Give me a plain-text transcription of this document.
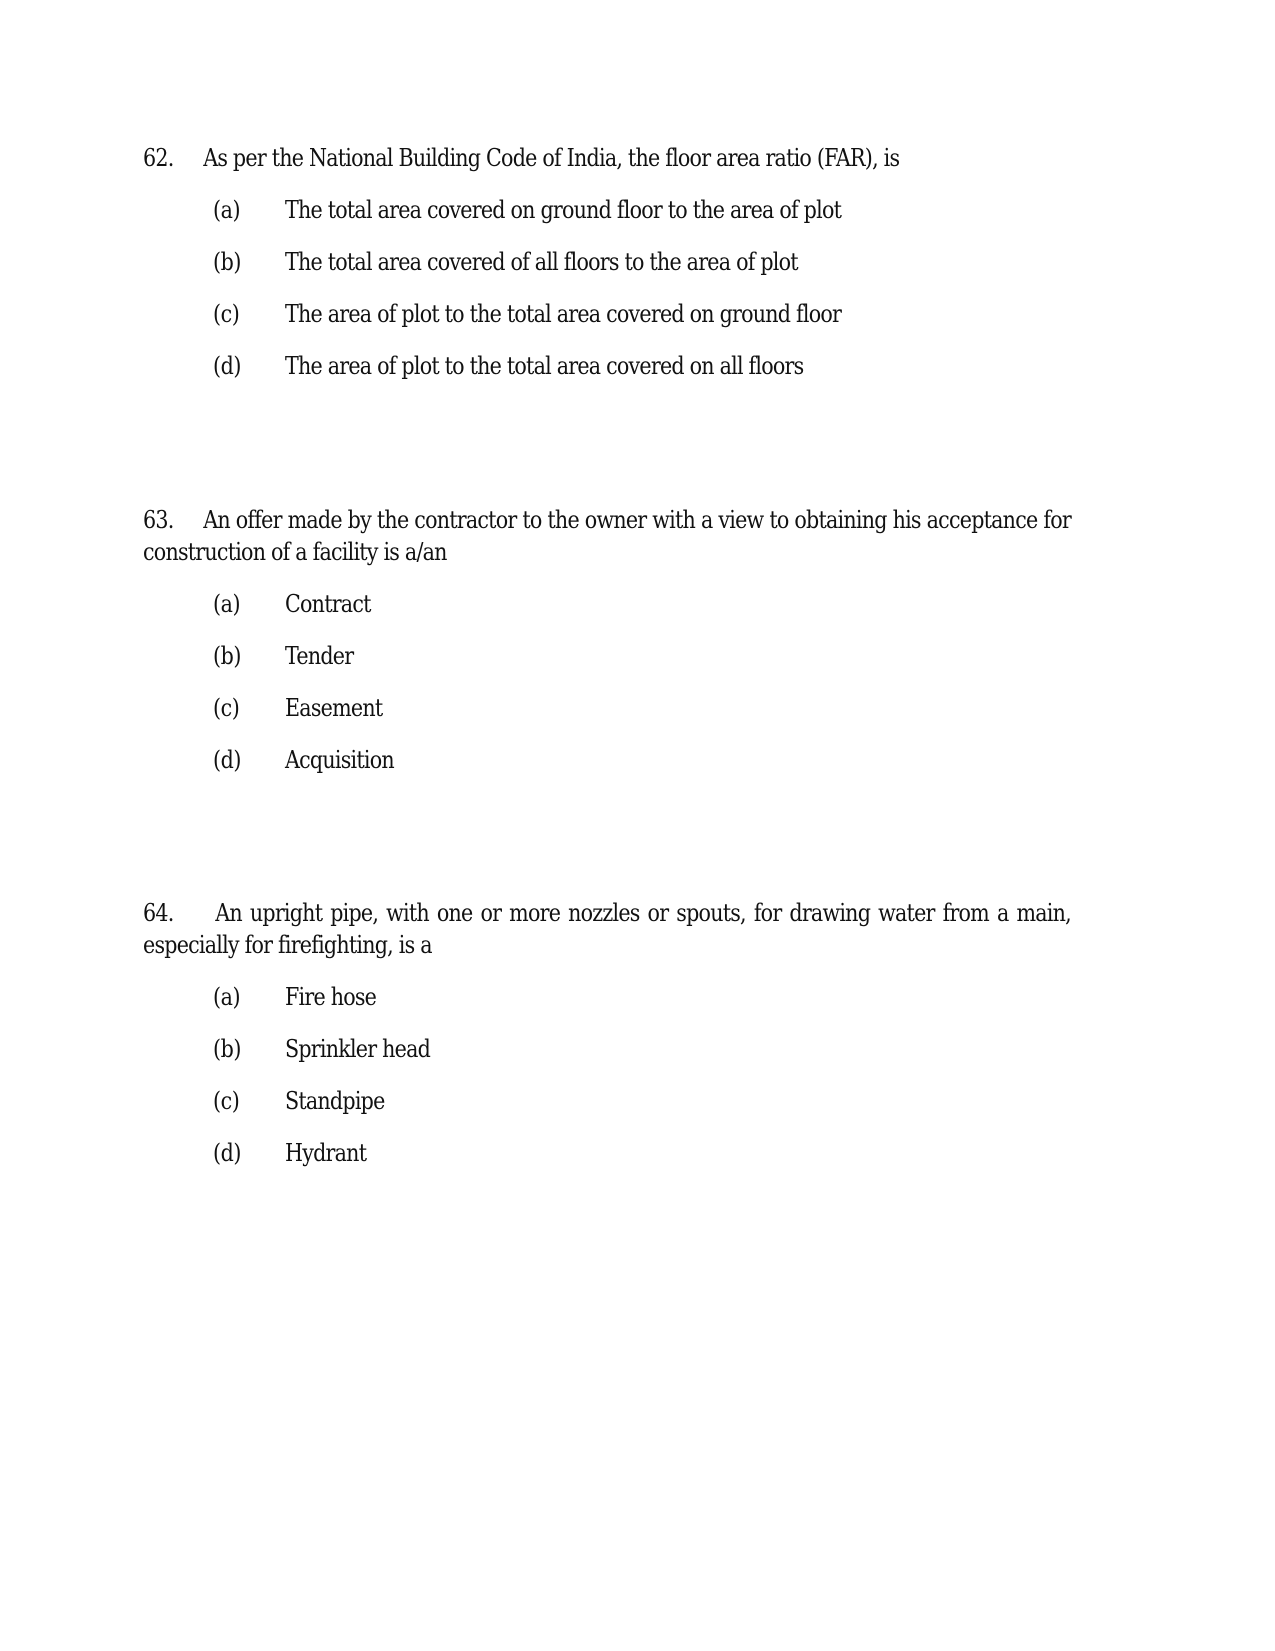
62. As per the National Building Code of India, the floor area ratio (FAR), is
(a) The total area covered on ground floor to the area of plot
(b) The total area covered of all floors to the area of plot
(c) The area of plot to the total area covered on ground floor
(d) The area of plot to the total area covered on all floors
63. An offer made by the contractor to the owner with a view to obtaining his acceptance for construction of a facility is a/an
(a) Contract
(b) Tender
(c) Easement
(d) Acquisition
64. An upright pipe, with one or more nozzles or spouts, for drawing water from a main, especially for firefighting, is a
(a) Fire hose
(b) Sprinkler head
(c) Standpipe
(d) Hydrant
